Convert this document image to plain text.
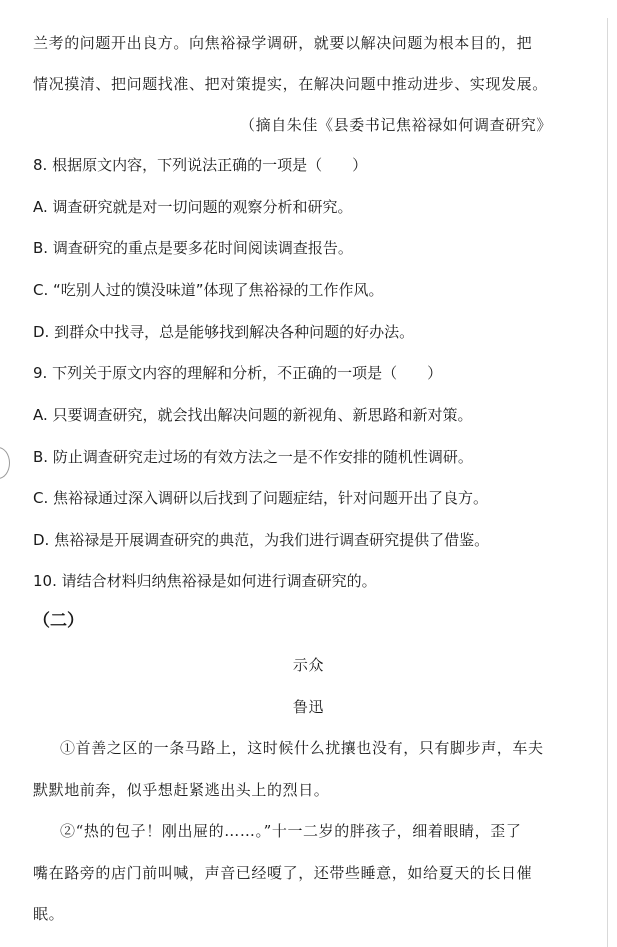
兰考的问题开出良方。向焦裕禄学调研，就要以解决问题为根本目的，把
情况摸清、把问题找准、把对策提实，在解决问题中推动进步、实现发展。
（摘自朱佳《县委书记焦裕禄如何调查研究》
8. 根据原文内容，下列说法正确的一项是（　　）
A. 调查研究就是对一切问题的观察分析和研究。
B. 调查研究的重点是要多花时间阅读调查报告。
C. “吃别人过的馍没味道”体现了焦裕禄的工作作风。
D. 到群众中找寻，总是能够找到解决各种问题的好办法。
9. 下列关于原文内容的理解和分析，不正确的一项是（　　）
A. 只要调查研究，就会找出解决问题的新视角、新思路和新对策。
B. 防止调查研究走过场的有效方法之一是不作安排的随机性调研。
C. 焦裕禄通过深入调研以后找到了问题症结，针对问题开出了良方。
D. 焦裕禄是开展调查研究的典范，为我们进行调查研究提供了借鉴。
10. 请结合材料归纳焦裕禄是如何进行调查研究的。
（二）
示众
鲁迅
①首善之区的一条马路上，这时候什么扰攘也没有，只有脚步声，车夫
默默地前奔，似乎想赶紧逃出头上的烈日。
②“热的包子！刚出屉的……。”十一二岁的胖孩子，细着眼睛，歪了
嘴在路旁的店门前叫喊，声音已经嗄了，还带些睡意，如给夏天的长日催
眠。
